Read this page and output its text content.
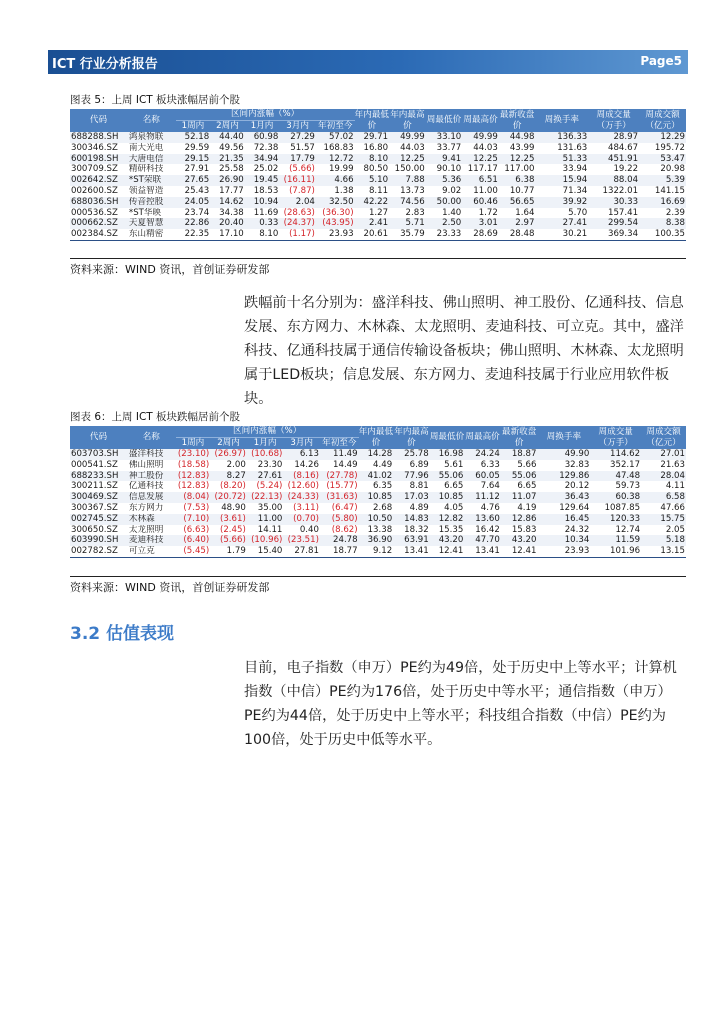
ICT 行业分析报告	Page5
图表 5：上周 ICT 板块涨幅居前个股
代码	名称	区间内涨幅（%）					年内最低价	年内最高价	周最低价	周最高价	最新收盘价	周换手率	周成交量（万手）	周成交额（亿元）
		1周内	2周内	1月内	3月内	年初至今								
688288.SH	鸿泉物联	52.18	44.40	60.98	27.29	57.02	29.71	49.99	33.10	49.99	44.98	136.33	28.97	12.29
300346.SZ	南大光电	29.59	49.56	72.38	51.57	168.83	16.80	44.03	33.77	44.03	43.99	131.63	484.67	195.72
600198.SH	大唐电信	29.15	21.35	34.94	17.79	12.72	8.10	12.25	9.41	12.25	12.25	51.33	451.91	53.47
300709.SZ	精研科技	27.91	25.58	25.02	(5.66)	19.99	80.50	150.00	90.10	117.17	117.00	33.94	19.22	20.98
002642.SZ	*ST荣联	27.65	26.90	19.45	(16.11)	4.66	5.10	7.88	5.36	6.51	6.38	15.94	88.04	5.39
002600.SZ	领益智造	25.43	17.77	18.53	(7.87)	1.38	8.11	13.73	9.02	11.00	10.77	71.34	1322.01	141.15
688036.SH	传音控股	24.05	14.62	10.94	2.04	32.50	42.22	74.56	50.00	60.46	56.65	39.92	30.33	16.69
000536.SZ	*ST华映	23.74	34.38	11.69	(28.63)	(36.30)	1.27	2.83	1.40	1.72	1.64	5.70	157.41	2.39
000662.SZ	天夏智慧	22.86	20.40	0.33	(24.37)	(43.95)	2.41	5.71	2.50	3.01	2.97	27.41	299.54	8.38
002384.SZ	东山精密	22.35	17.10	8.10	(1.17)	23.93	20.61	35.79	23.33	28.69	28.48	30.21	369.34	100.35
资料来源：WIND 资讯，首创证券研发部

跌幅前十名分别为：盛洋科技、佛山照明、神工股份、亿通科技、信息发展、东方网力、木林森、太龙照明、麦迪科技、可立克。其中，盛洋科技、亿通科技属于通信传输设备板块；佛山照明、木林森、太龙照明属于LED板块；信息发展、东方网力、麦迪科技属于行业应用软件板块。

图表 6：上周 ICT 板块跌幅居前个股
代码	名称	区间内涨幅（%）					年内最低价	年内最高价	周最低价	周最高价	最新收盘价	周换手率	周成交量（万手）	周成交额（亿元）
		1周内	2周内	1月内	3月内	年初至今								
603703.SH	盛洋科技	(23.10)	(26.97)	(10.68)	6.13	11.49	14.28	25.78	16.98	24.24	18.87	49.90	114.62	27.01
000541.SZ	佛山照明	(18.58)	2.00	23.30	14.26	14.49	4.49	6.89	5.61	6.33	5.66	32.83	352.17	21.63
688233.SH	神工股份	(12.83)	8.27	27.61	(8.16)	(27.78)	41.02	77.96	55.06	60.05	55.06	129.86	47.48	28.04
300211.SZ	亿通科技	(12.83)	(8.20)	(5.24)	(12.60)	(15.77)	6.35	8.81	6.65	7.64	6.65	20.12	59.73	4.11
300469.SZ	信息发展	(8.04)	(20.72)	(22.13)	(24.33)	(31.63)	10.85	17.03	10.85	11.12	11.07	36.43	60.38	6.58
300367.SZ	东方网力	(7.53)	48.90	35.00	(3.11)	(6.47)	2.68	4.89	4.05	4.76	4.19	129.64	1087.85	47.66
002745.SZ	木林森	(7.10)	(3.61)	11.00	(0.70)	(5.80)	10.50	14.83	12.82	13.60	12.86	16.45	120.33	15.75
300650.SZ	太龙照明	(6.63)	(2.45)	14.11	0.40	(8.62)	13.38	18.32	15.35	16.42	15.83	24.32	12.74	2.05
603990.SH	麦迪科技	(6.40)	(5.66)	(10.96)	(23.51)	24.78	36.90	63.91	43.20	47.70	43.20	10.34	11.59	5.18
002782.SZ	可立克	(5.45)	1.79	15.40	27.81	18.77	9.12	13.41	12.41	13.41	12.41	23.93	101.96	13.15
资料来源：WIND 资讯，首创证券研发部
3.2 估值表现

目前，电子指数（申万）PE约为49倍，处于历史中上等水平；计算机指数（中信）PE约为176倍，处于历史中等水平；通信指数（申万）PE约为44倍，处于历史中上等水平；科技组合指数（中信）PE约为100倍，处于历史中低等水平。
